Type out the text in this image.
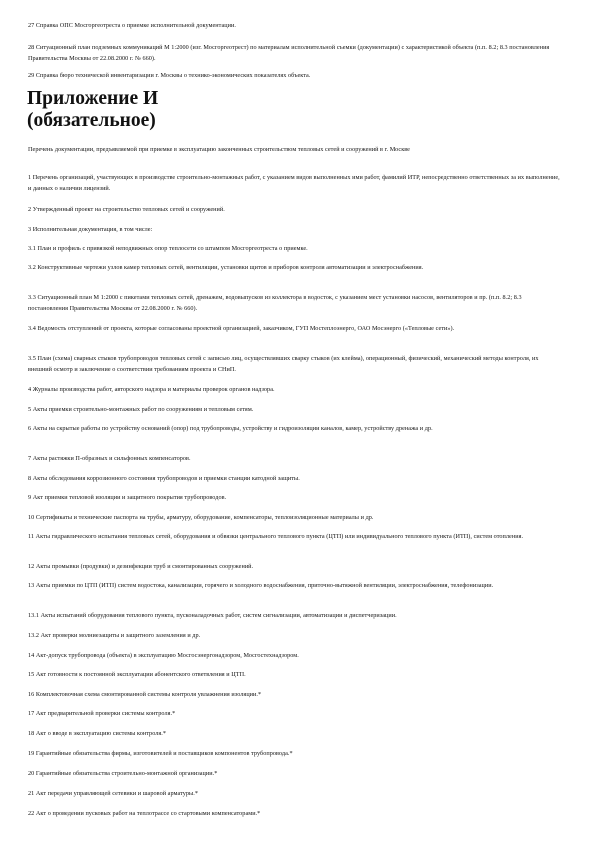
27 Справка ОПС Мосгоргеотреста о приемке исполнительной документации.

28 Ситуационный план подземных коммуникаций М 1:2000 (изг. Мосгоргеотрест) по материалам исполнительной съемки (документации) с характеристикой объекта (п.п. 8.2; 8.3 постановления Правительства Москвы от 22.08.2000 г. № 660).

29 Справка бюро технической инвентаризации г. Москвы о технико-экономических показателях объекта.

Приложение И
(обязательное)

Перечень документации, предъявляемой при приемке в эксплуатацию законченных строительством тепловых сетей и сооружений в г. Москве

1 Перечень организаций, участвующих в производстве строительно-монтажных работ, с указанием видов выполненных ими работ, фамилий ИТР, непосредственно ответственных за их выполнение, и данных о наличии лицензий.

2 Утвержденный проект на строительство тепловых сетей и сооружений.

3 Исполнительная документация, в том числе:

3.1 План и профиль с привязкой неподвижных опор теплосети со штампом Мосгоргеотреста о приемке.

3.2 Конструктивные чертежи узлов камер тепловых сетей, вентиляции, установки щитов и приборов контроля автоматизации и электроснабжения.

3.3 Ситуационный план М 1:2000 с пикетами тепловых сетей, дренажем, водовыпусков из коллектора в водосток, с указанием мест установки насосов, вентиляторов и пр. (п.п. 8.2; 8.3 постановления Правительства Москвы от 22.08.2000 г. № 660).

3.4 Ведомость отступлений от проекта, которые согласованы проектной организацией, заказчиком, ГУП Мостеплоэнерго, ОАО Мосэнерго («Тепловые сети»).

3.5 План (схема) сварных стыков трубопроводов тепловых сетей с записью лиц, осуществлявших сварку стыков (их клейма), операционный, физический, механический методы контроля, их внешний осмотр и заключение о соответствии требованиям проекта и СНиП.

4 Журналы производства работ, авторского надзора и материалы проверок органов надзора.

5 Акты приемки строительно-монтажных работ по сооружениям и тепловым сетям.

6 Акты на скрытые работы по устройству оснований (опор) под трубопроводы, устройству и гидроизоляции каналов, камер, устройству дренажа и др.

7 Акты растяжки П-образных и сильфонных компенсаторов.

8 Акты обследования коррозионного состояния трубопроводов и приемки станции катодной защиты.

9 Акт приемки тепловой изоляции и защитного покрытия трубопроводов.

10 Сертификаты и технические паспорта на трубы, арматуру, оборудование, компенсаторы, теплоизоляционные материалы и др.

11 Акты гидравлического испытания тепловых сетей, оборудования и обвязки центрального теплового пункта (ЦТП) или индивидуального теплового пункта (ИТП), систем отопления.

12 Акты промывки (продувки) и дезинфекции труб и смонтированных сооружений.

13 Акты приемки по ЦТП (ИТП) систем водостока, канализации, горячего и холодного водоснабжения, приточно-вытяжной вентиляции, электроснабжения, телефонизации.

13.1 Акты испытаний оборудования теплового пункта, пусконаладочных работ, систем сигнализации, автоматизации и диспетчеризации.

13.2 Акт проверки молниезащиты и защитного заземления и др.

14 Акт-допуск трубопровода (объекта) в эксплуатацию Мосгосэнергонадзором, Мосгостехнадзором.

15 Акт готовности к постоянной эксплуатации абонентского ответвления и ЦТП.

16 Комплектовочная схема смонтированной системы контроля увлажнения изоляции.*

17 Акт предварительной проверки системы контроля.*

18 Акт о вводе в эксплуатацию системы контроля.*

19 Гарантийные обязательства фирмы, изготовителей и поставщиков компонентов трубопровода.*

20 Гарантийные обязательства строительно-монтажной организации.*

21 Акт передачи управляющей сетевики и шаровой арматуры.*

22 Акт о проведении пусковых работ на теплотрассе со стартовыми компенсаторами.*
